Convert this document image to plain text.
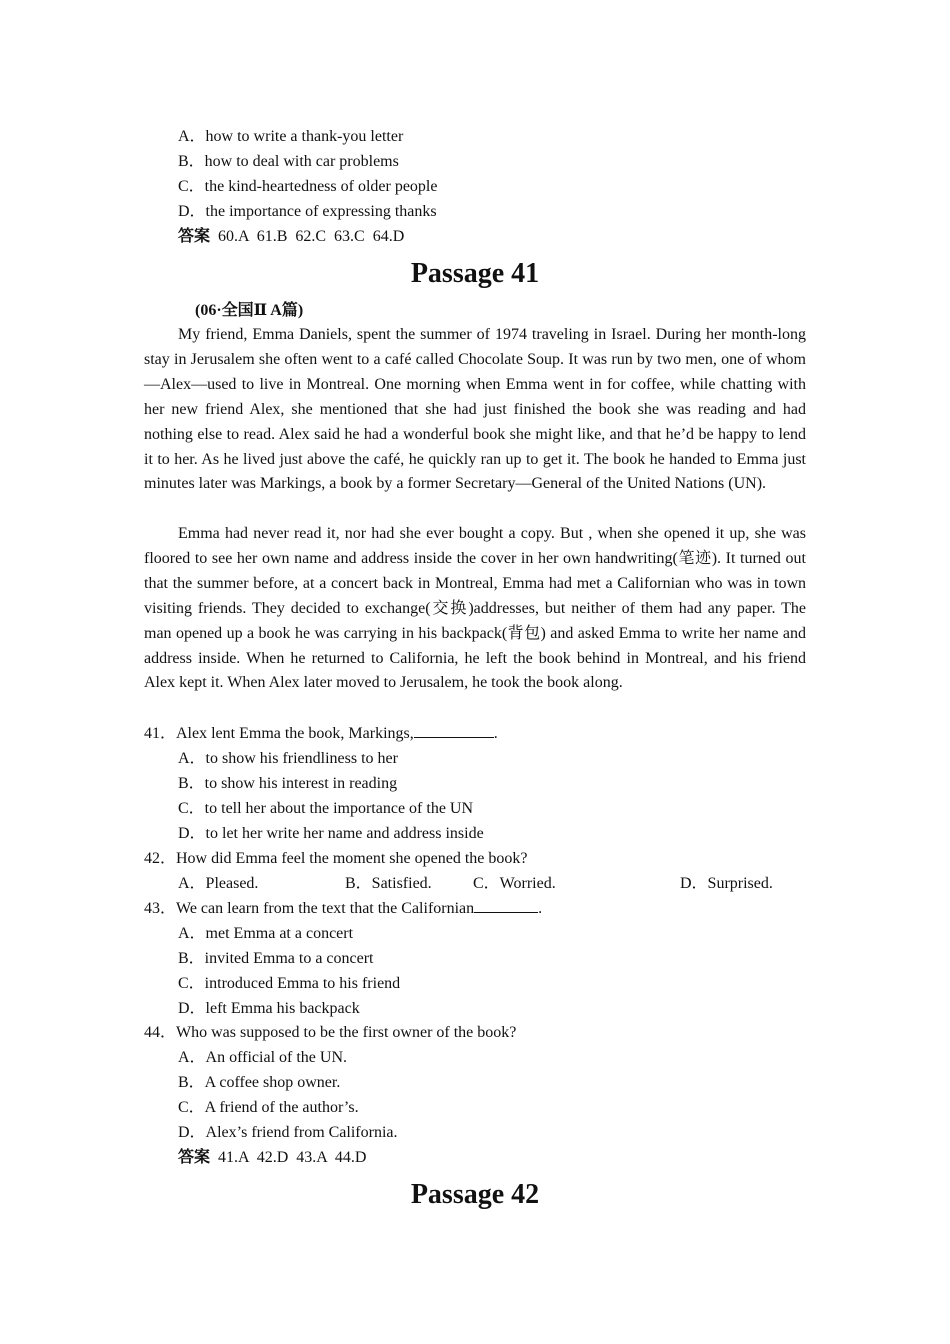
A．how to write a thank-you letter
B．how to deal with car problems
C．the kind-heartedness of older people
D．the importance of expressing thanks
答案 60.A  61.B  62.C  63.C  64.D
Passage 41
(06·全国Ⅱ A篇)
My friend, Emma Daniels, spent the summer of 1974 traveling in Israel. During her month-long stay in Jerusalem she often went to a café called Chocolate Soup. It was run by two men, one of whom—Alex—used to live in Montreal. One morning when Emma went in for coffee, while chatting with her new friend Alex, she mentioned that she had just finished the book she was reading and had nothing else to read. Alex said he had a wonderful book she might like, and that he’d be happy to lend it to her. As he lived just above the café, he quickly ran up to get it. The book he handed to Emma just minutes later was Markings, a book by a former Secretary—General of the United Nations (UN).
Emma had never read it, nor had she ever bought a copy. But , when she opened it up, she was floored to see her own name and address inside the cover in her own handwriting(笔迹). It turned out that the summer before, at a concert back in Montreal, Emma had met a Californian who was in town visiting friends. They decided to exchange(交换)addresses, but neither of them had any paper. The man opened up a book he was carrying in his backpack(背包) and asked Emma to write her name and address inside. When he returned to California, he left the book behind in Montreal, and his friend Alex kept it. When Alex later moved to Jerusalem, he took the book along.
41．Alex lent Emma the book, Markings,	.
A．to show his friendliness to her
B．to show his interest in reading
C．to tell her about the importance of the UN
D．to let her write her name and address inside
42．How did Emma feel the moment she opened the book?
A．Pleased.	B．Satisfied.	C．Worried.	D．Surprised.
43．We can learn from the text that the Californian	.
A．met Emma at a concert
B．invited Emma to a concert
C．introduced Emma to his friend
D．left Emma his backpack
44．Who was supposed to be the first owner of the book?
A．An official of the UN.
B．A coffee shop owner.
C．A friend of the author’s.
D．Alex’s friend from California.
答案 41.A  42.D  43.A  44.D
Passage 42
